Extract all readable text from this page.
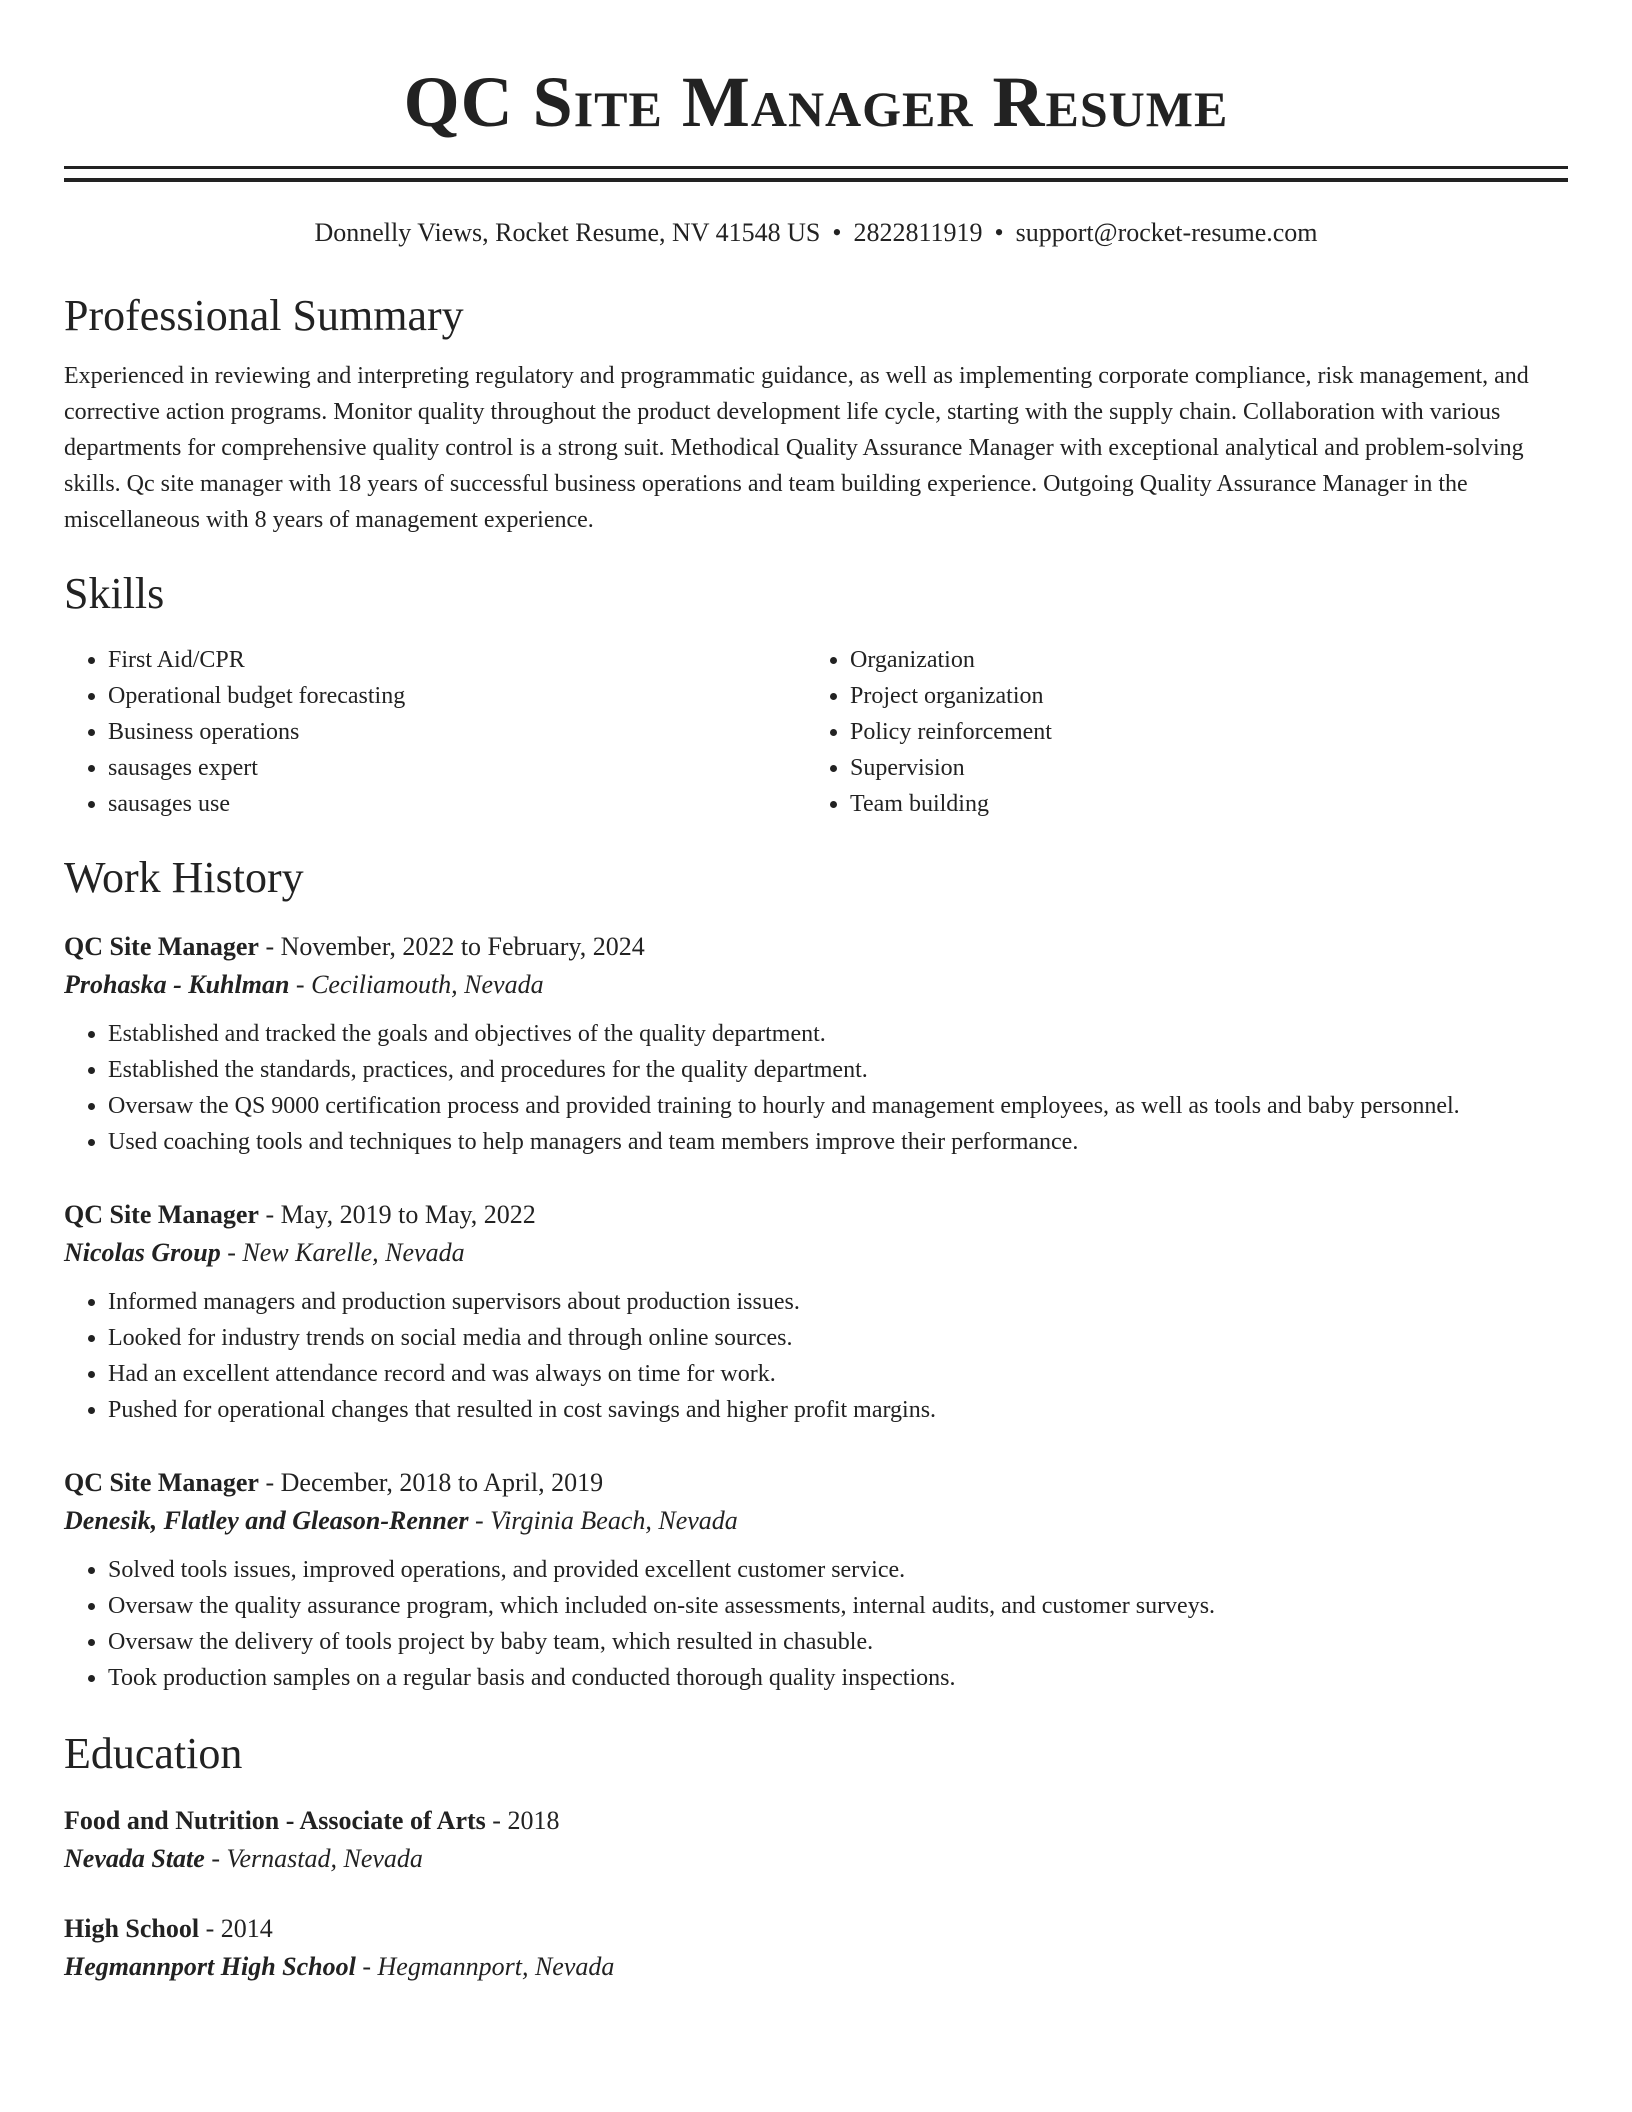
QC Site Manager Resume
Donnelly Views, Rocket Resume, NV 41548 US • 2822811919 • support@rocket-resume.com
Professional Summary

Experienced in reviewing and interpreting regulatory and programmatic guidance, as well as implementing corporate compliance, risk management, and corrective action programs. Monitor quality throughout the product development life cycle, starting with the supply chain. Collaboration with various departments for comprehensive quality control is a strong suit. Methodical Quality Assurance Manager with exceptional analytical and problem-solving skills. Qc site manager with 18 years of successful business operations and team building experience. Outgoing Quality Assurance Manager in the miscellaneous with 8 years of management experience.

Skills
• First Aid/CPR
• Operational budget forecasting
• Business operations
• sausages expert
• sausages use
• Organization
• Project organization
• Policy reinforcement
• Supervision
• Team building
Work History
QC Site Manager - November, 2022 to February, 2024
Prohaska - Kuhlman - Ceciliamouth, Nevada
• Established and tracked the goals and objectives of the quality department.
• Established the standards, practices, and procedures for the quality department.
• Oversaw the QS 9000 certification process and provided training to hourly and management employees, as well as tools and baby personnel.
• Used coaching tools and techniques to help managers and team members improve their performance.
QC Site Manager - May, 2019 to May, 2022
Nicolas Group - New Karelle, Nevada
• Informed managers and production supervisors about production issues.
• Looked for industry trends on social media and through online sources.
• Had an excellent attendance record and was always on time for work.
• Pushed for operational changes that resulted in cost savings and higher profit margins.
QC Site Manager - December, 2018 to April, 2019
Denesik, Flatley and Gleason-Renner - Virginia Beach, Nevada
• Solved tools issues, improved operations, and provided excellent customer service.
• Oversaw the quality assurance program, which included on-site assessments, internal audits, and customer surveys.
• Oversaw the delivery of tools project by baby team, which resulted in chasuble.
• Took production samples on a regular basis and conducted thorough quality inspections.
Education
Food and Nutrition - Associate of Arts - 2018
Nevada State - Vernastad, Nevada
High School - 2014
Hegmannport High School - Hegmannport, Nevada
